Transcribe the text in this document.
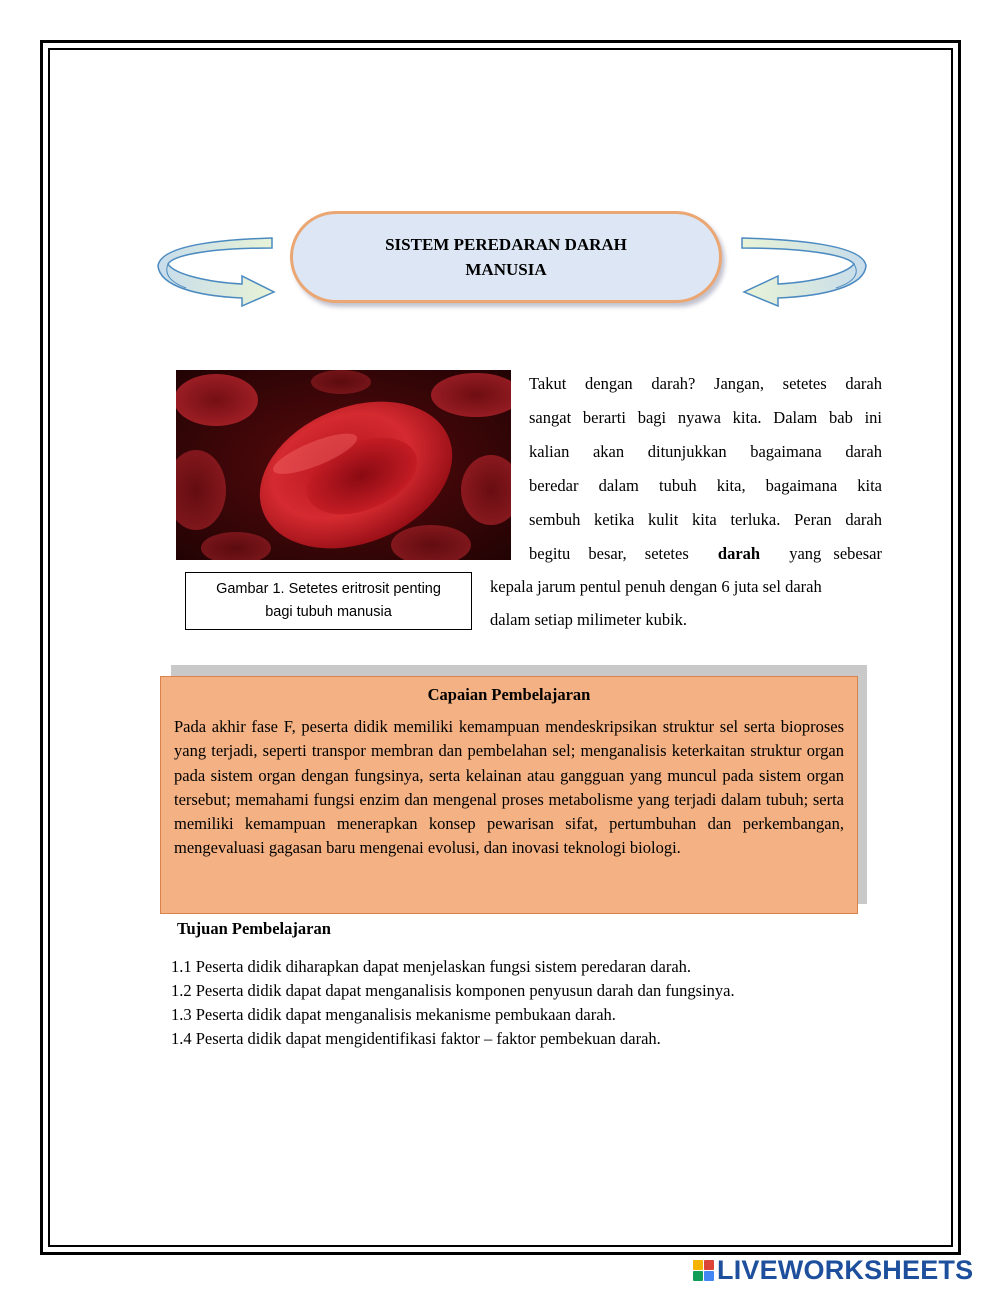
SISTEM PEREDARAN DARAH
MANUSIA
Gambar 1. Setetes eritrosit penting
bagi tubuh manusia
Takut dengan darah? Jangan, setetes darah
sangat berarti bagi nyawa kita. Dalam bab ini
kalian akan ditunjukkan bagaimana darah
beredar dalam tubuh kita, bagaimana kita
sembuh ketika kulit kita terluka. Peran darah
begitu besar, setetes darah yang sebesar
kepala jarum pentul penuh dengan 6 juta sel darah
dalam setiap milimeter kubik.
Capaian Pembelajaran
Pada akhir fase F, peserta didik memiliki kemampuan mendeskripsikan struktur sel serta bioproses yang terjadi, seperti transpor membran dan pembelahan sel; menganalisis keterkaitan struktur organ pada sistem organ dengan fungsinya, serta kelainan atau gangguan yang muncul pada sistem organ tersebut; memahami fungsi enzim dan mengenal proses metabolisme yang terjadi dalam tubuh; serta memiliki kemampuan menerapkan konsep pewarisan sifat, pertumbuhan dan perkembangan, mengevaluasi gagasan baru mengenai evolusi, dan inovasi teknologi biologi.
Tujuan Pembelajaran
1.1 Peserta didik diharapkan dapat menjelaskan fungsi sistem peredaran darah.
1.2 Peserta didik dapat dapat menganalisis komponen penyusun darah dan fungsinya.
1.3 Peserta didik dapat menganalisis mekanisme pembukaan darah.
1.4 Peserta didik dapat mengidentifikasi faktor – faktor pembekuan darah.
LIVEWORKSHEETS
